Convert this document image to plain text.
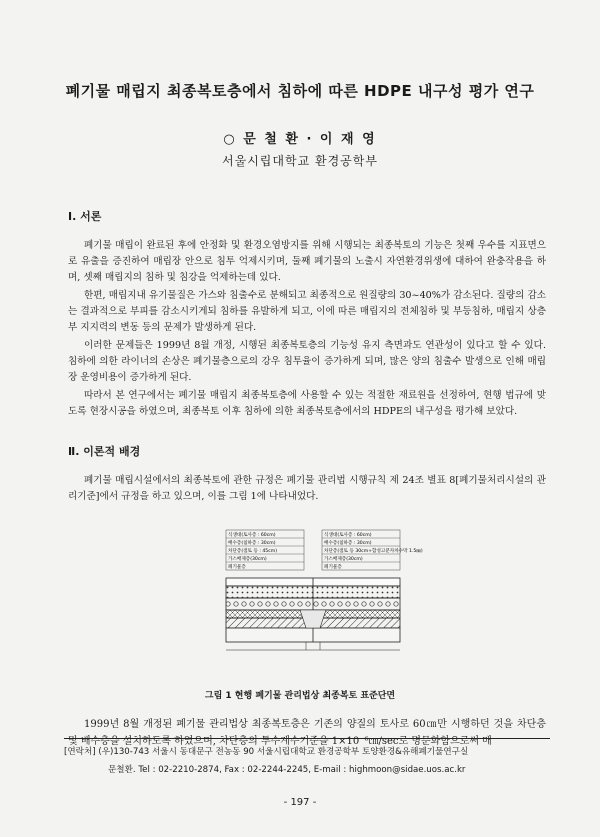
폐기물 매립지 최종복토층에서 침하에 따른 HDPE 내구성 평가 연구
○ 문 철 환 · 이 재 영
서울시립대학교 환경공학부
Ⅰ. 서론

폐기물 매립이 완료된 후에 안정화 및 환경오염방지를 위해 시행되는 최종복토의 기능은 첫째 우수를 지표면으로 유출을 증진하여 매립장 안으로 침투 억제시키며, 둘째 폐기물의 노출시 자연환경위생에 대하여 완충작용을 하며, 셋째 매립지의 침하 및 침강을 억제하는데 있다.

한편, 매립지내 유기물질은 가스와 침출수로 분해되고 최종적으로 원질량의 30~40%가 감소된다. 질량의 감소는 결과적으로 부피를 감소시키게되 침하를 유발하게 되고, 이에 따른 매립지의 전체침하 및 부등침하, 매립지 상층부 지지력의 변동 등의 문제가 발생하게 된다.

이러한 문제들은 1999년 8월 개정, 시행된 최종복토층의 기능성 유지 측면과도 연관성이 있다고 할 수 있다. 침하에 의한 라이너의 손상은 폐기물층으로의 강우 침투율이 증가하게 되며, 많은 양의 침출수 발생으로 인해 매립장 운영비용이 증가하게 된다.

따라서 본 연구에서는 폐기물 매립지 최종복토층에 사용할 수 있는 적절한 재료원을 선정하여, 현행 법규에 맞도록 현장시공을 하였으며, 최종복토 이후 침하에 의한 최종복토층에서의 HDPE의 내구성을 평가해 보았다.

Ⅱ. 이론적 배경

폐기물 매립시설에서의 최종복토에 관한 규정은 폐기물 관리법 시행규칙 제 24조 별표 8[폐기물처리시설의 관리기준]에서 규정을 하고 있으며, 이를 그림 1에 나타내었다.

식생대(토사층 : 60cm)
배수층(침하층 : 30cm)
차단층(점토 등 : 45cm)
가스배제층(30cm)
폐기물층
식생대(토사층 : 60cm)
배수층(침하층 : 30cm)
차단층(점토 등 30cm+합성고분자차수막 1.5㎜)
가스배제층(30cm)
폐기물층
그림 1 현행 폐기물 관리법상 최종복토 표준단면

1999년 8월 개정된 폐기물 관리법상 최종복토층은 기존의 양질의 토사로 60㎝만 시행하던 것을 차단층 및 배수층을 설치하도록 하였으며, 차단층의 투수계수기준을 1×10⁻⁶㎝/sec로 명문화함으로써 매

[연락처] (우)130-743 서울시 동대문구 전농동 90 서울시립대학교 환경공학부 토양환경&유해폐기물연구실
문철환. Tel : 02-2210-2874, Fax : 02-2244-2245, E-mail : highmoon@sidae.uos.ac.kr
- 197 -
